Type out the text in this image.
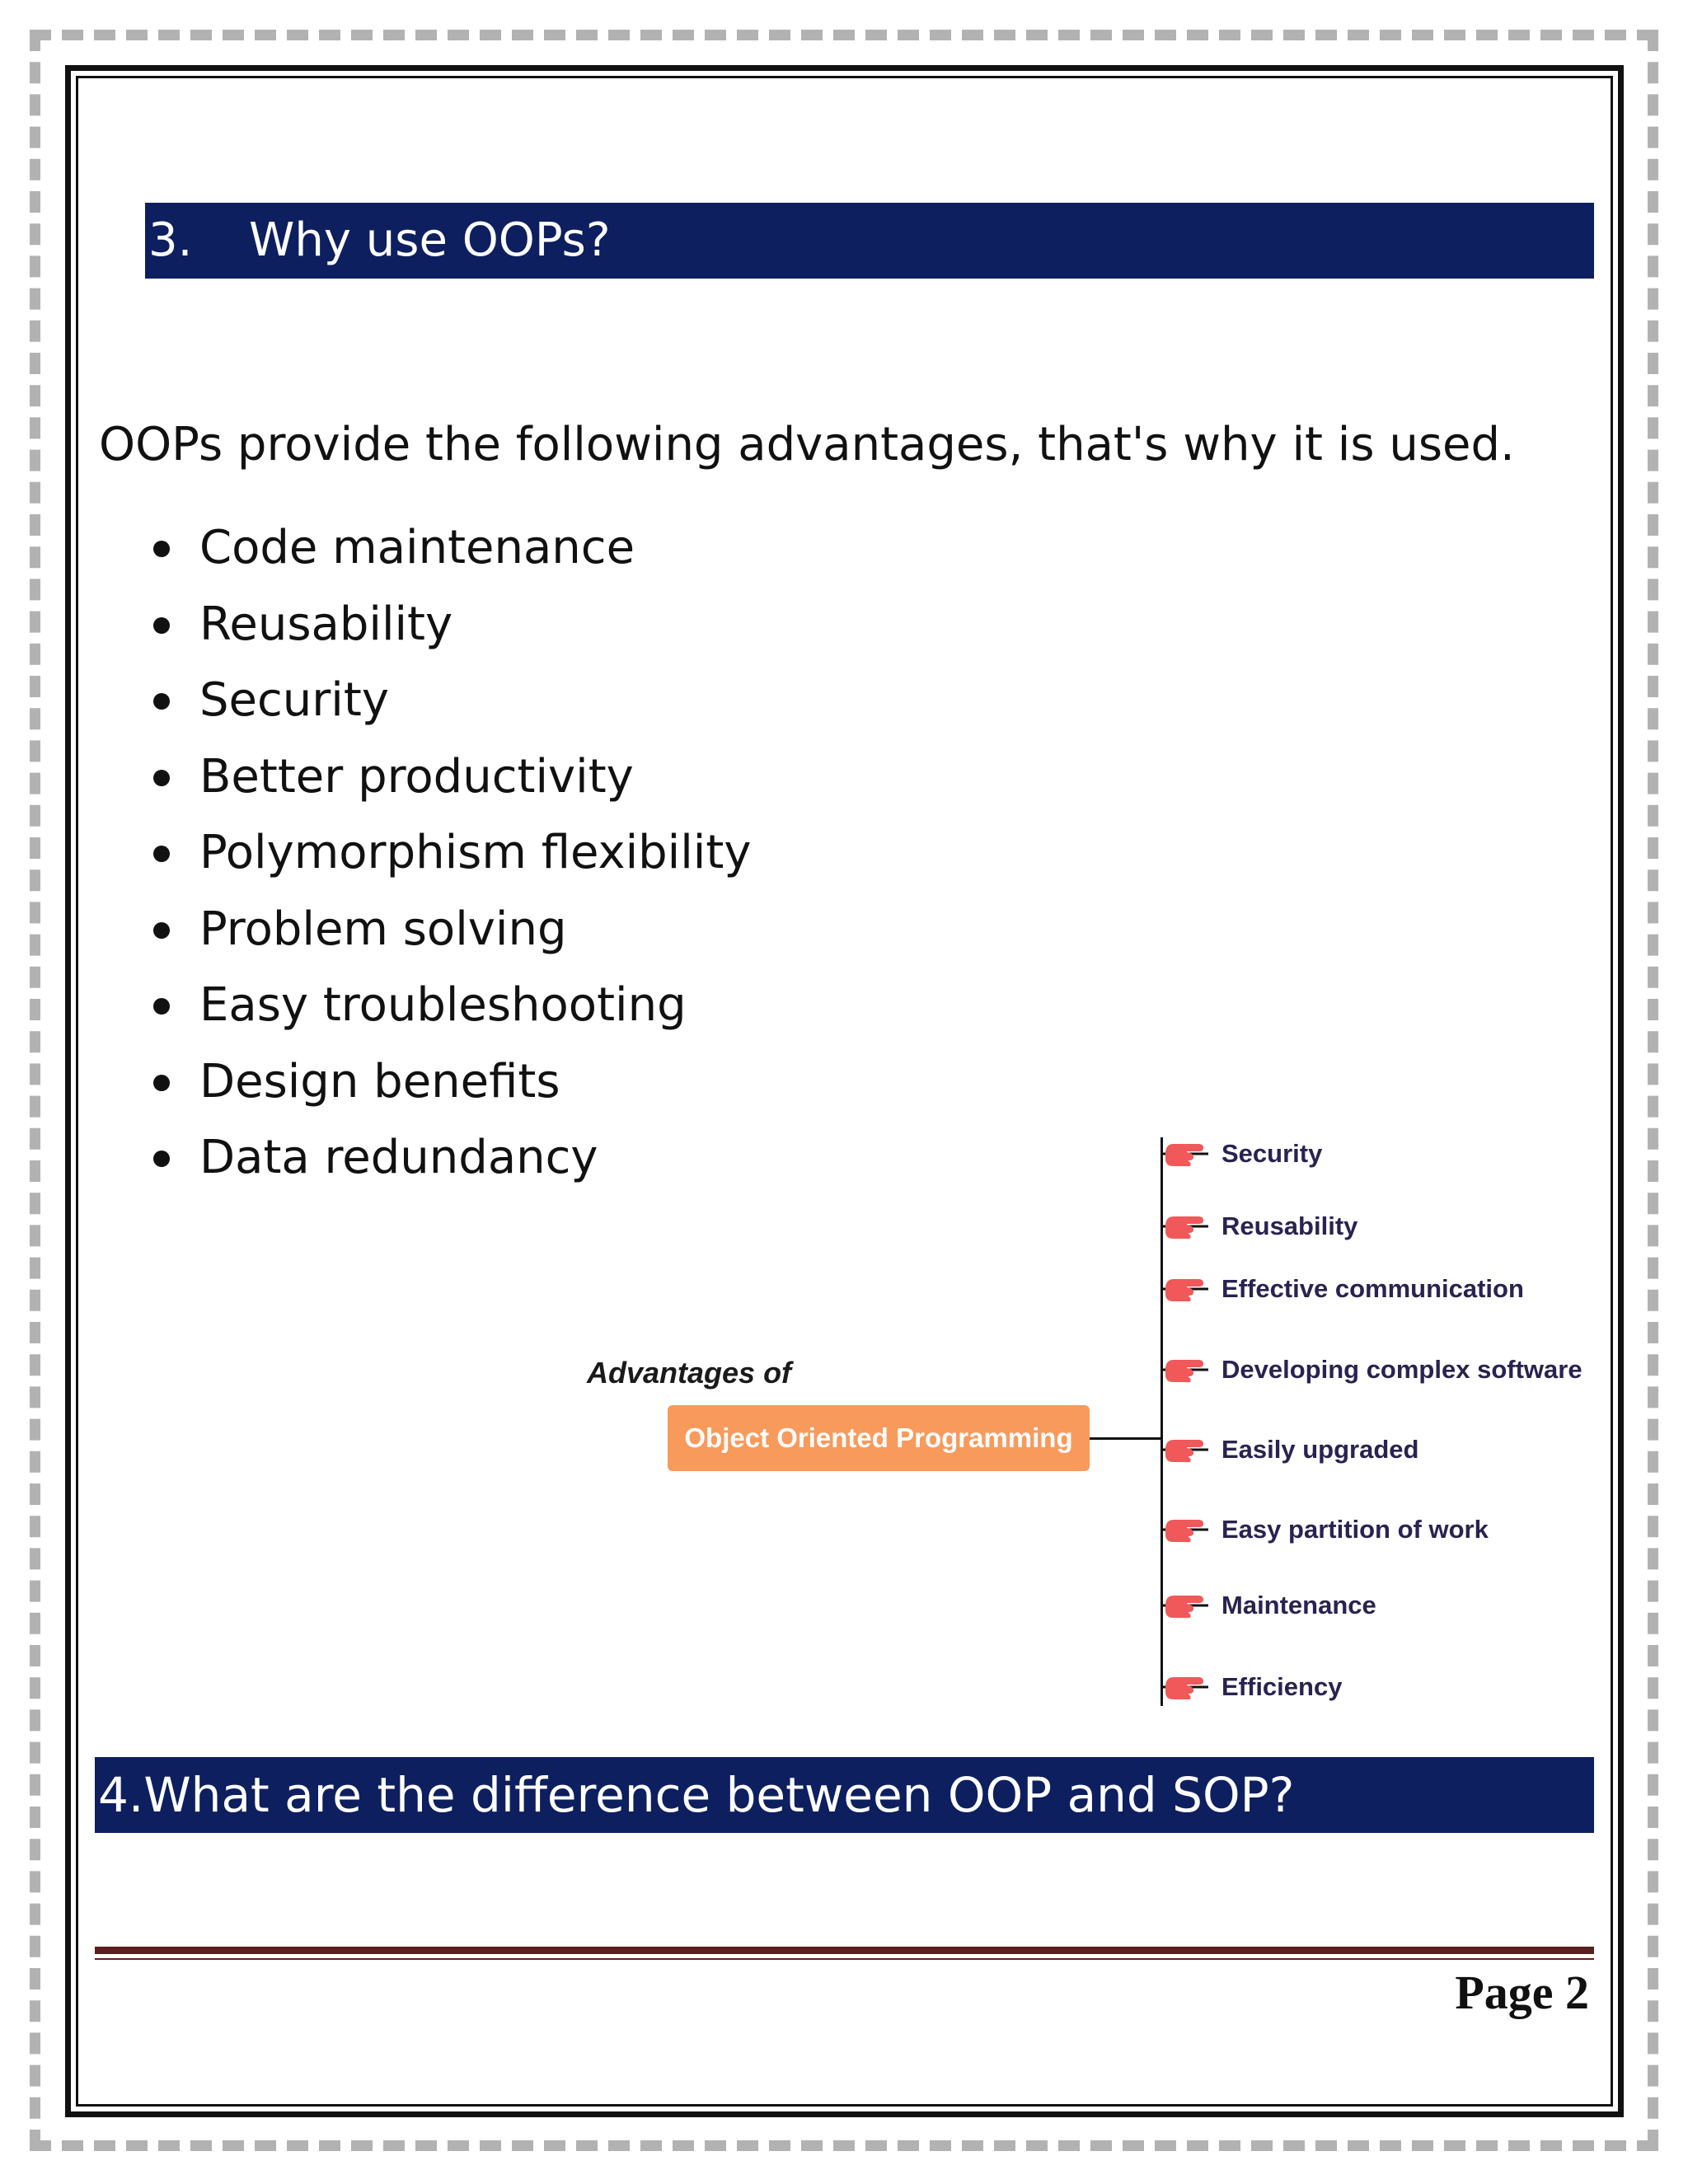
3. Why use OOPs?
OOPs provide the following advantages, that's why it is used.
Code maintenance
Reusability
Security
Better productivity
Polymorphism flexibility
Problem solving
Easy troubleshooting
Design benefits
Data redundancy
Advantages of
Object Oriented Programming
Security
Reusability
Effective communication
Developing complex software
Easily upgraded
Easy partition of work
Maintenance
Efficiency
4.What are the difference between OOP and SOP?
Page 2
